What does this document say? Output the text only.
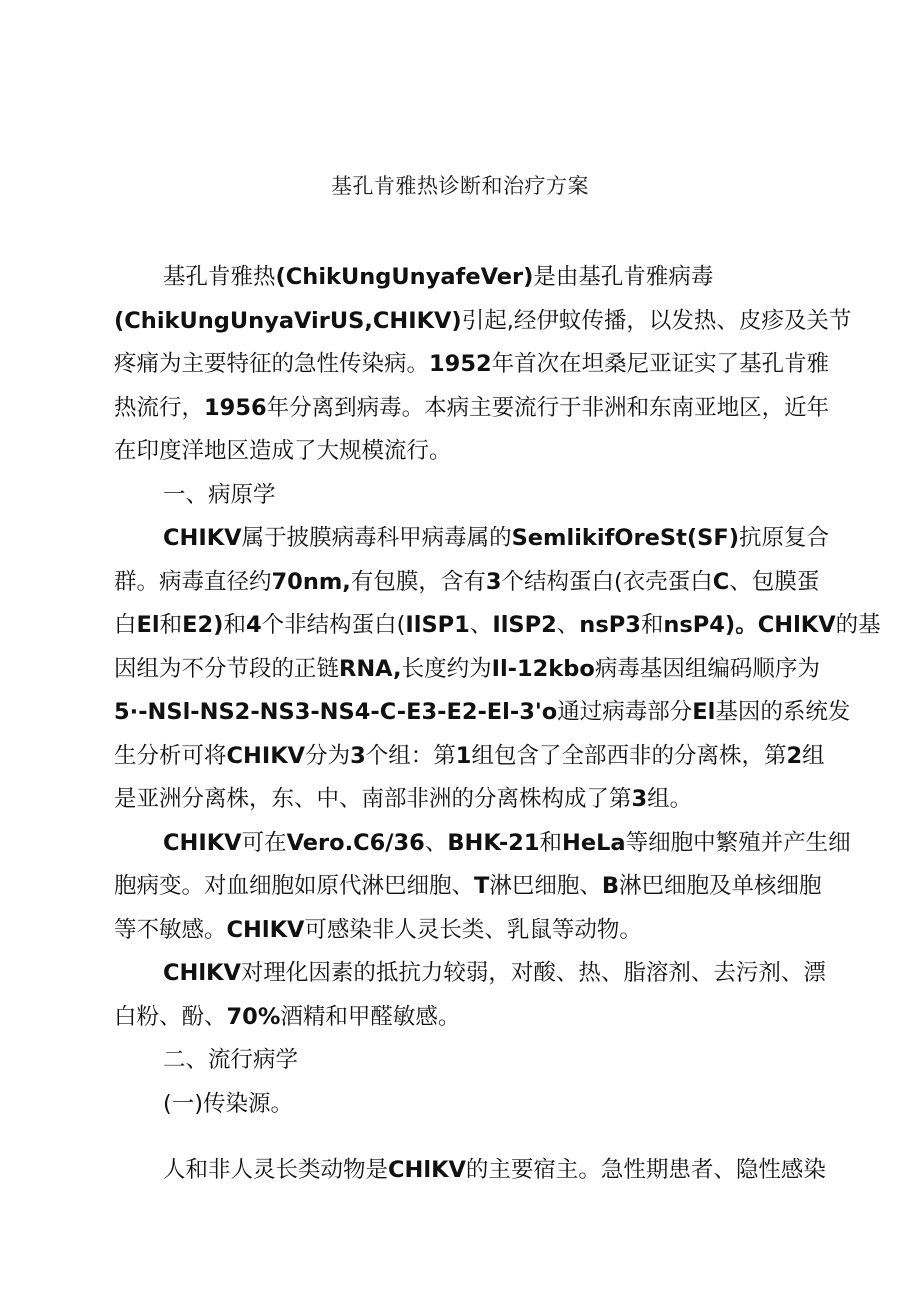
基孔肯雅热诊断和治疗方案
基孔肯雅热(ChikUngUnyafeVer)是由基孔肯雅病毒
(ChikUngUnyaVirUS,CHIKV)引起,经伊蚊传播，以发热、皮疹及关节
疼痛为主要特征的急性传染病。1952年首次在坦桑尼亚证实了基孔肯雅
热流行，1956年分离到病毒。本病主要流行于非洲和东南亚地区，近年
在印度洋地区造成了大规模流行。
一、病原学
CHIKV属于披膜病毒科甲病毒属的SemlikifOreSt(SF)抗原复合
群。病毒直径约70nm,有包膜，含有3个结构蛋白(衣壳蛋白C、包膜蛋
白El和E2)和4个非结构蛋白(IlSP1、IlSP2、nsP3和nsP4)。CHlKV的基
因组为不分节段的正链RNA,长度约为Il-12kbo病毒基因组编码顺序为
5·-NSl-NS2-NS3-NS4-C-E3-E2-El-3'o通过病毒部分El基因的系统发
生分析可将CHIKV分为3个组：第1组包含了全部西非的分离株，第2组
是亚洲分离株，东、中、南部非洲的分离株构成了第3组。
CHIKV可在Vero.C6/36、BHK-21和HeLa等细胞中繁殖并产生细
胞病变。对血细胞如原代淋巴细胞、T淋巴细胞、B淋巴细胞及单核细胞
等不敏感。CHlKV可感染非人灵长类、乳鼠等动物。
CHlKV对理化因素的抵抗力较弱，对酸、热、脂溶剂、去污剂、漂
白粉、酚、70%酒精和甲醛敏感。
二、流行病学
(一)传染源。
人和非人灵长类动物是CHlKV的主要宿主。急性期患者、隐性感染
